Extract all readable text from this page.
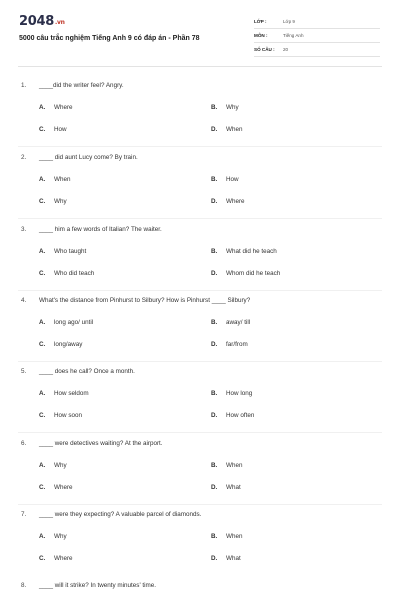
2048.vn
5000 câu trắc nghiệm Tiếng Anh 9 có đáp án - Phần 78
LỚP :	Lớp 9
MÔN :	Tiếng Anh
SỐ CÂU : 20
1. ____did the writer feel? Angry.
A. Where	B. Why
C. How	D. When
2. ____ did aunt Lucy come? By train.
A. When	B. How
C. Why	D. Where
3. ____ him a few words of Italian? The waiter.
A. Who taught	B. What did he teach
C. Who did teach	D. Whom did he teach
4. What's the distance from Pinhurst to Silbury? How is Pinhurst ____ Silbury?
A. long ago/ until	B. away/ till
C. long/away	D. far/from
5. ____ does he call? Once a month.
A. How seldom	B. How long
C. How soon	D. How often
6. ____ were detectives waiting? At the airport.
A. Why	B. When
C. Where	D. What
7. ____ were they expecting? A valuable parcel of diamonds.
A. Why	B. When
C. Where	D. What
8. ____ will it strike? In twenty minutes' time.
